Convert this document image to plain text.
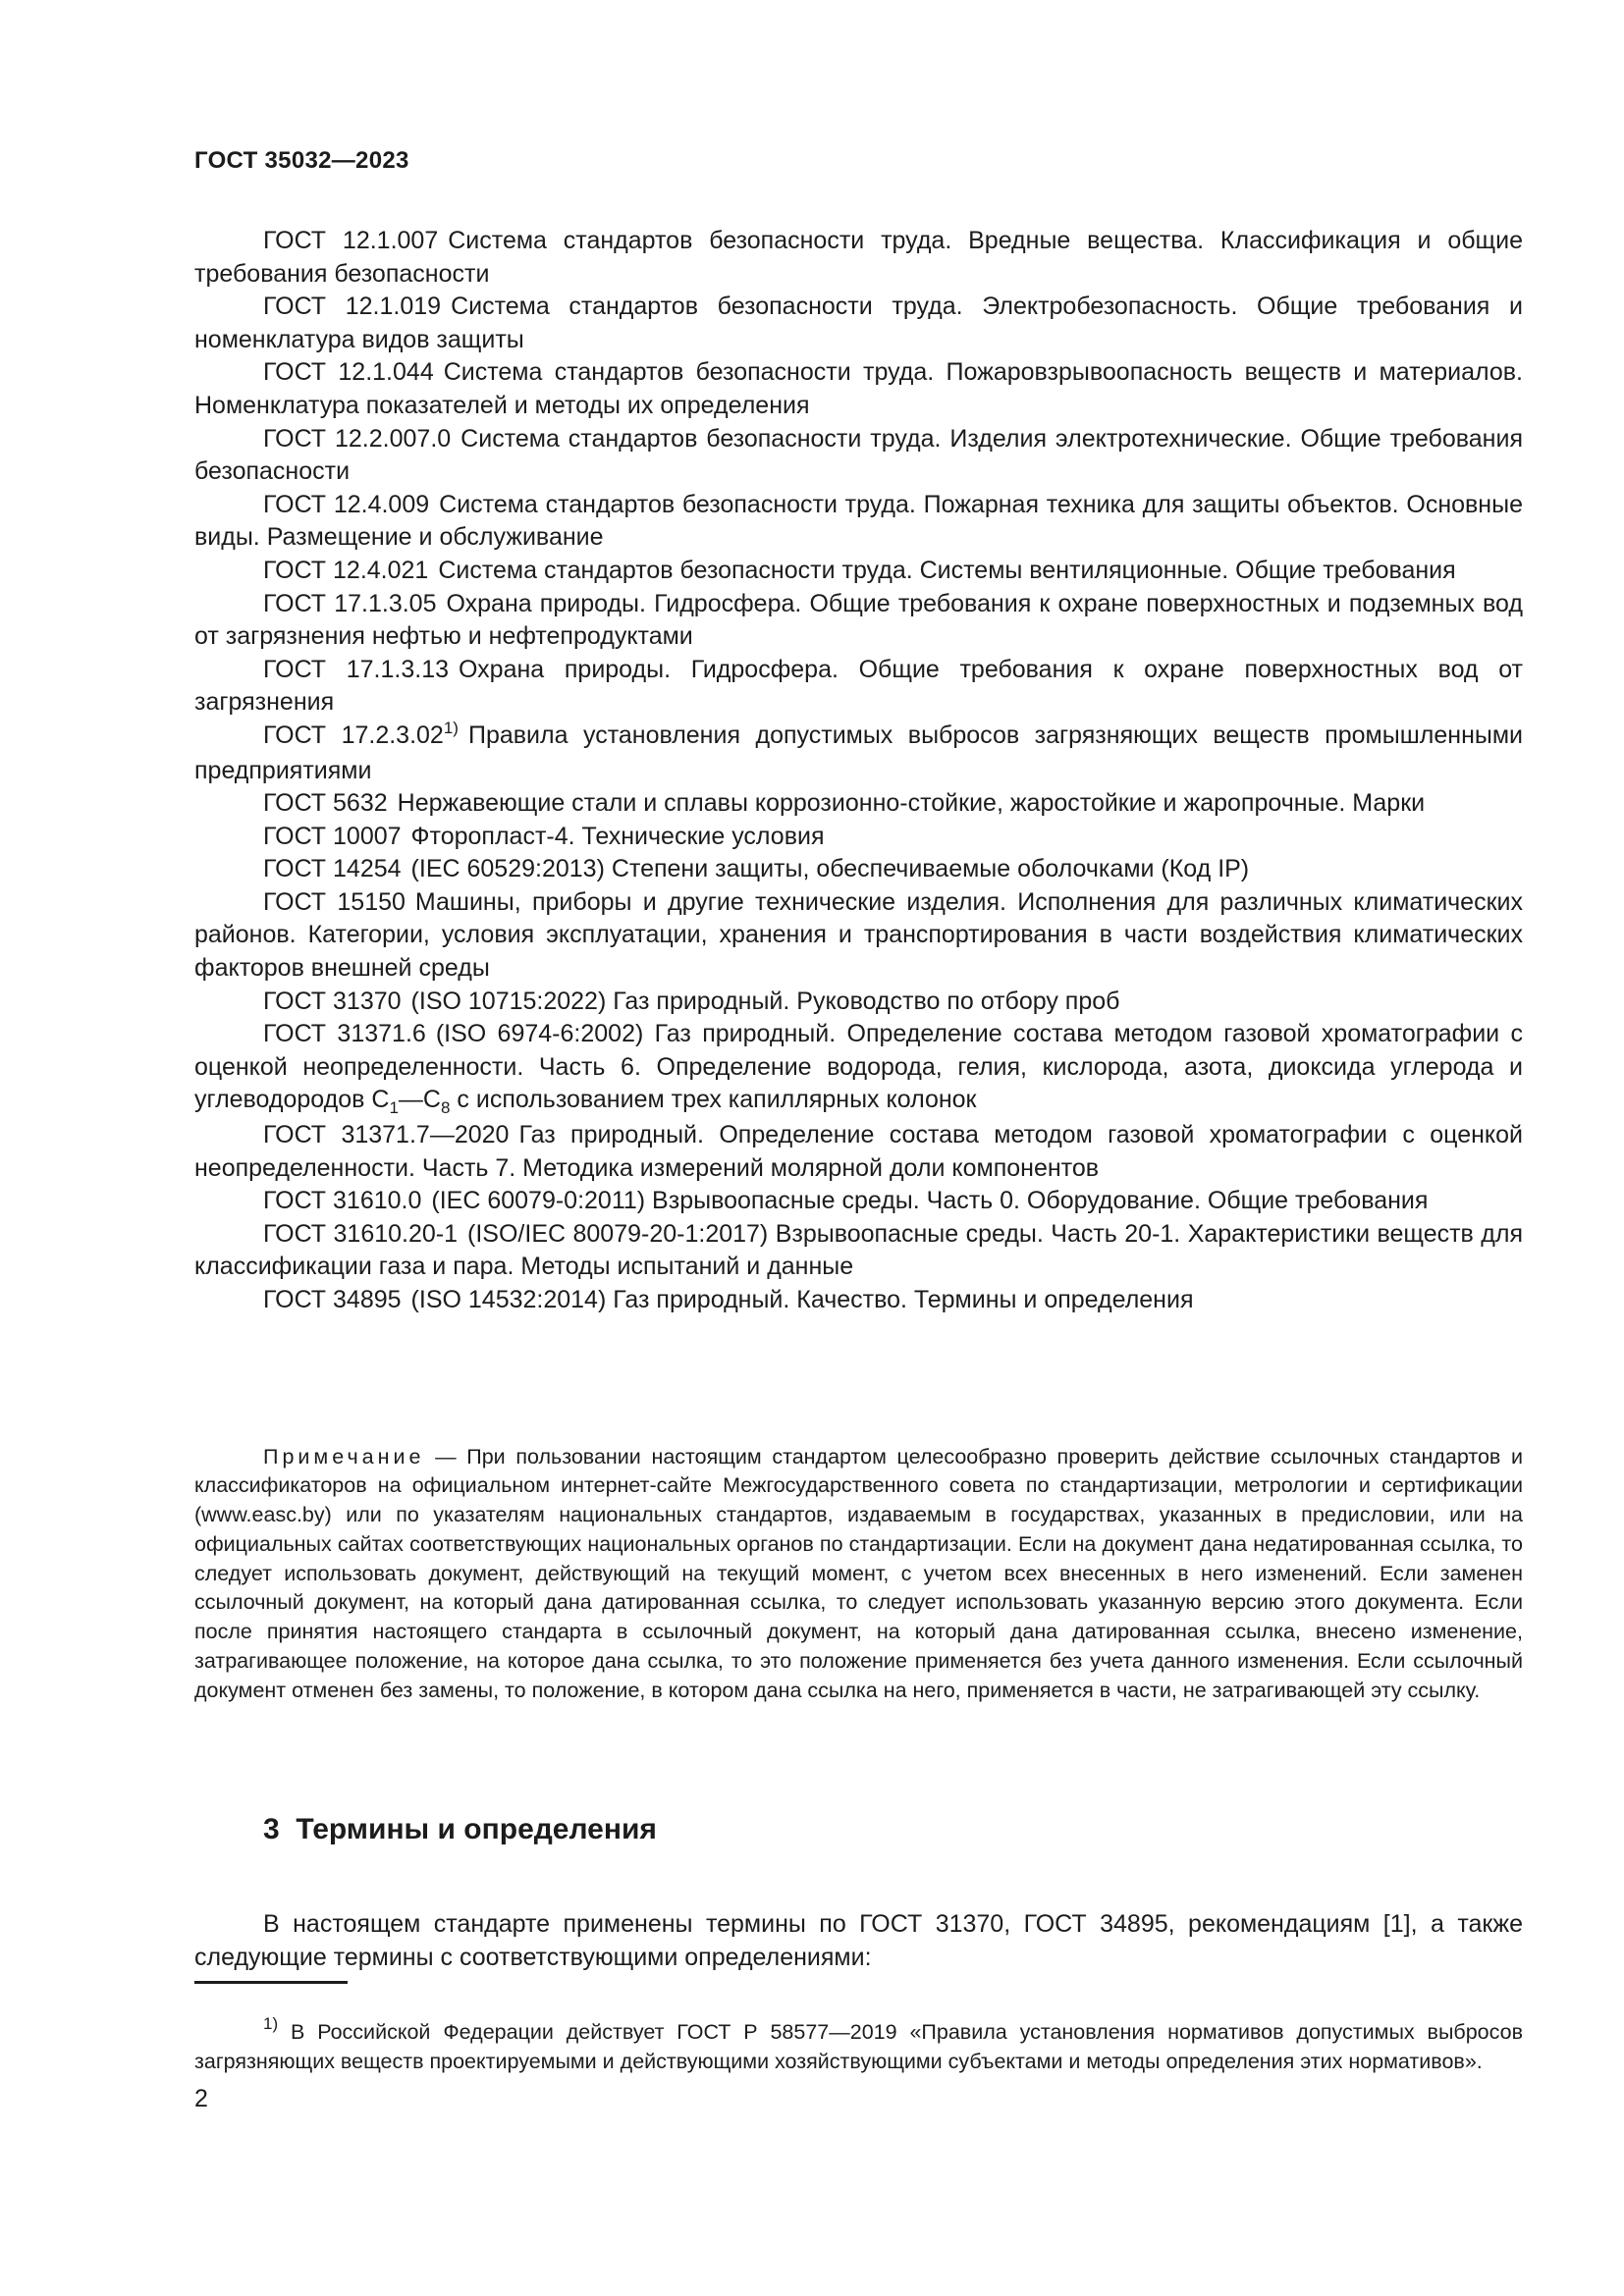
ГОСТ 35032—2023

ГОСТ 12.1.007 Система стандартов безопасности труда. Вредные вещества. Классификация и общие требования безопасности

ГОСТ 12.1.019 Система стандартов безопасности труда. Электробезопасность. Общие требования и номенклатура видов защиты

ГОСТ 12.1.044 Система стандартов безопасности труда. Пожаровзрывоопасность веществ и материалов. Номенклатура показателей и методы их определения

ГОСТ 12.2.007.0 Система стандартов безопасности труда. Изделия электротехнические. Общие требования безопасности

ГОСТ 12.4.009 Система стандартов безопасности труда. Пожарная техника для защиты объектов. Основные виды. Размещение и обслуживание

ГОСТ 12.4.021 Система стандартов безопасности труда. Системы вентиляционные. Общие требования

ГОСТ 17.1.3.05 Охрана природы. Гидросфера. Общие требования к охране поверхностных и подземных вод от загрязнения нефтью и нефтепродуктами

ГОСТ 17.1.3.13 Охрана природы. Гидросфера. Общие требования к охране поверхностных вод от загрязнения

ГОСТ 17.2.3.02$^{1)}$ Правила установления допустимых выбросов загрязняющих веществ промышленными предприятиями

ГОСТ 5632 Нержавеющие стали и сплавы коррозионно-стойкие, жаростойкие и жаропрочные. Марки

ГОСТ 10007 Фторопласт-4. Технические условия

ГОСТ 14254 (IEC 60529:2013) Степени защиты, обеспечиваемые оболочками (Код IP)

ГОСТ 15150 Машины, приборы и другие технические изделия. Исполнения для различных климатических районов. Категории, условия эксплуатации, хранения и транспортирования в части воздействия климатических факторов внешней среды

ГОСТ 31370 (ISO 10715:2022) Газ природный. Руководство по отбору проб

ГОСТ 31371.6 (ISO 6974-6:2002) Газ природный. Определение состава методом газовой хроматографии с оценкой неопределенности. Часть 6. Определение водорода, гелия, кислорода, азота, диоксида углерода и углеводородов $C_1—C_8$ с использованием трех капиллярных колонок

ГОСТ 31371.7—2020 Газ природный. Определение состава методом газовой хроматографии с оценкой неопределенности. Часть 7. Методика измерений молярной доли компонентов

ГОСТ 31610.0 (IEC 60079-0:2011) Взрывоопасные среды. Часть 0. Оборудование. Общие требования

ГОСТ 31610.20-1 (ISO/IEC 80079-20-1:2017) Взрывоопасные среды. Часть 20-1. Характеристики веществ для классификации газа и пара. Методы испытаний и данные

ГОСТ 34895 (ISO 14532:2014) Газ природный. Качество. Термины и определения

Примечание — При пользовании настоящим стандартом целесообразно проверить действие ссылочных стандартов и классификаторов на официальном интернет-сайте Межгосударственного совета по стандартизации, метрологии и сертификации (www.easc.by) или по указателям национальных стандартов, издаваемым в государствах, указанных в предисловии, или на официальных сайтах соответствующих национальных органов по стандартизации. Если на документ дана недатированная ссылка, то следует использовать документ, действующий на текущий момент, с учетом всех внесенных в него изменений. Если заменен ссылочный документ, на который дана датированная ссылка, то следует использовать указанную версию этого документа. Если после принятия настоящего стандарта в ссылочный документ, на который дана датированная ссылка, внесено изменение, затрагивающее положение, на которое дана ссылка, то это положение применяется без учета данного изменения. Если ссылочный документ отменен без замены, то положение, в котором дана ссылка на него, применяется в части, не затрагивающей эту ссылку.

3 Термины и определения

В настоящем стандарте применены термины по ГОСТ 31370, ГОСТ 34895, рекомендациям [1], а также следующие термины с соответствующими определениями:

$^{1)}$ В Российской Федерации действует ГОСТ Р 58577—2019 «Правила установления нормативов допустимых выбросов загрязняющих веществ проектируемыми и действующими хозяйствующими субъектами и методы определения этих нормативов».

2
